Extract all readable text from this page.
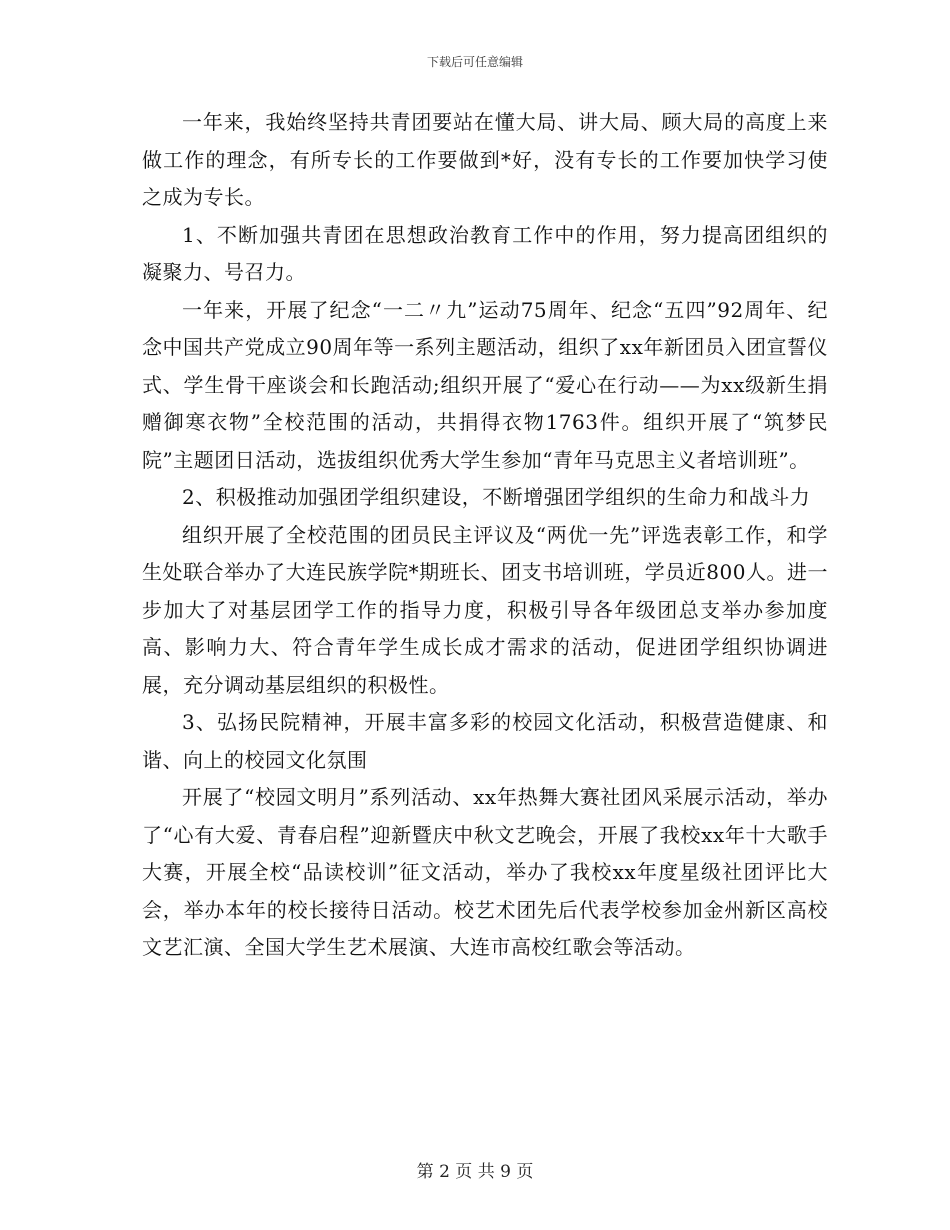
下载后可任意编辑

一年来，我始终坚持共青团要站在懂大局、讲大局、顾大局的高度上来做工作的理念，有所专长的工作要做到*好，没有专长的工作要加快学习使之成为专长。

1、不断加强共青团在思想政治教育工作中的作用，努力提高团组织的凝聚力、号召力。

一年来，开展了纪念“一二〃九”运动75周年、纪念“五四”92周年、纪念中国共产党成立90周年等一系列主题活动，组织了xx年新团员入团宣誓仪式、学生骨干座谈会和长跑活动;组织开展了“爱心在行动——为xx级新生捐赠御寒衣物”全校范围的活动，共捐得衣物1763件。组织开展了“筑梦民院”主题团日活动，选拔组织优秀大学生参加“青年马克思主义者培训班”。

2、积极推动加强团学组织建设，不断增强团学组织的生命力和战斗力

组织开展了全校范围的团员民主评议及“两优一先”评选表彰工作，和学生处联合举办了大连民族学院*期班长、团支书培训班，学员近800人。进一步加大了对基层团学工作的指导力度，积极引导各年级团总支举办参加度高、影响力大、符合青年学生成长成才需求的活动，促进团学组织协调进展，充分调动基层组织的积极性。

3、弘扬民院精神，开展丰富多彩的校园文化活动，积极营造健康、和谐、向上的校园文化氛围

开展了“校园文明月”系列活动、xx年热舞大赛社团风采展示活动，举办了“心有大爱、青春启程”迎新暨庆中秋文艺晚会，开展了我校xx年十大歌手大赛，开展全校“品读校训”征文活动，举办了我校xx年度星级社团评比大会，举办本年的校长接待日活动。校艺术团先后代表学校参加金州新区高校文艺汇演、全国大学生艺术展演、大连市高校红歌会等活动。

第 2 页 共 9 页
